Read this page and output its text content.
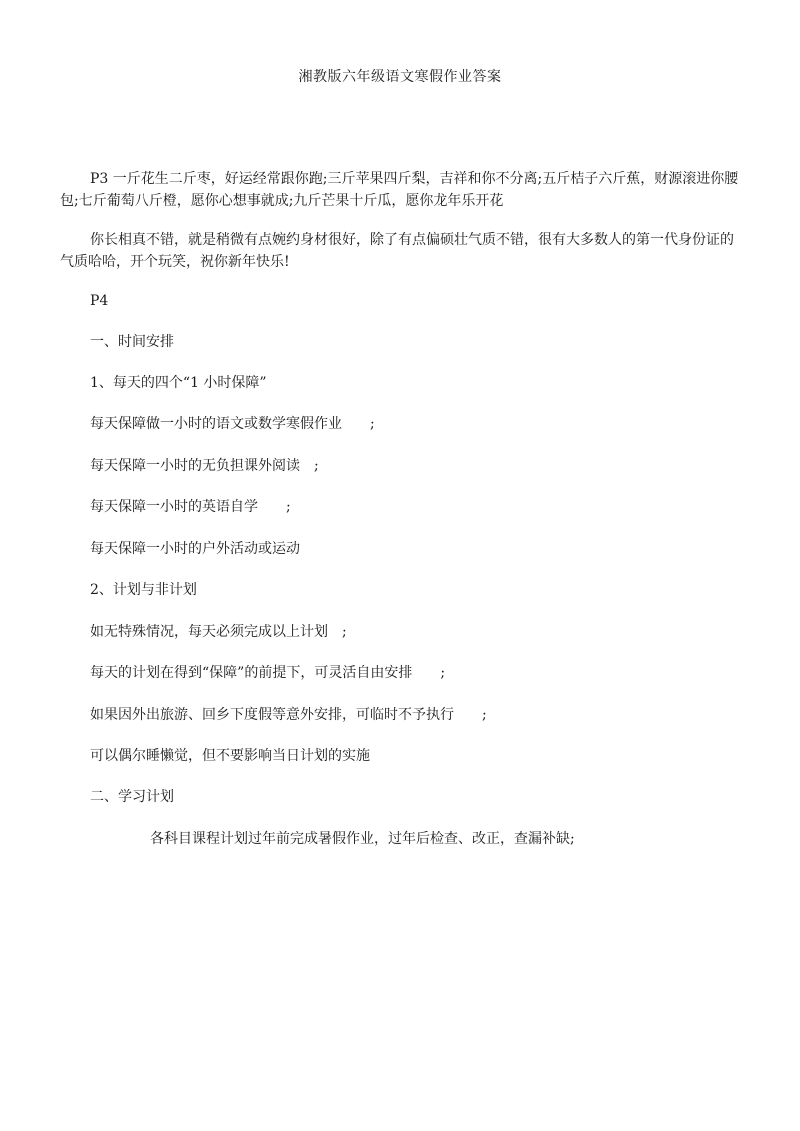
湘教版六年级语文寒假作业答案

P3 一斤花生二斤枣，好运经常跟你跑;三斤苹果四斤梨，吉祥和你不分离;五斤桔子六斤蕉，财源滚进你腰包;七斤葡萄八斤橙，愿你心想事就成;九斤芒果十斤瓜，愿你龙年乐开花

你长相真不错，就是稍微有点婉约身材很好，除了有点偏硕壮气质不错，很有大多数人的第一代身份证的气质哈哈，开个玩笑，祝你新年快乐!

P4

一、时间安排

1、每天的四个“1 小时保障”

每天保障做一小时的语文或数学寒假作业　　;

每天保障一小时的无负担课外阅读　;

每天保障一小时的英语自学　　;

每天保障一小时的户外活动或运动

2、计划与非计划

如无特殊情况，每天必须完成以上计划　;

每天的计划在得到“保障”的前提下，可灵活自由安排　　;

如果因外出旅游、回乡下度假等意外安排，可临时不予执行　　;

可以偶尔睡懒觉，但不要影响当日计划的实施

二、学习计划

各科目课程计划过年前完成暑假作业，过年后检查、改正，查漏补缺;
